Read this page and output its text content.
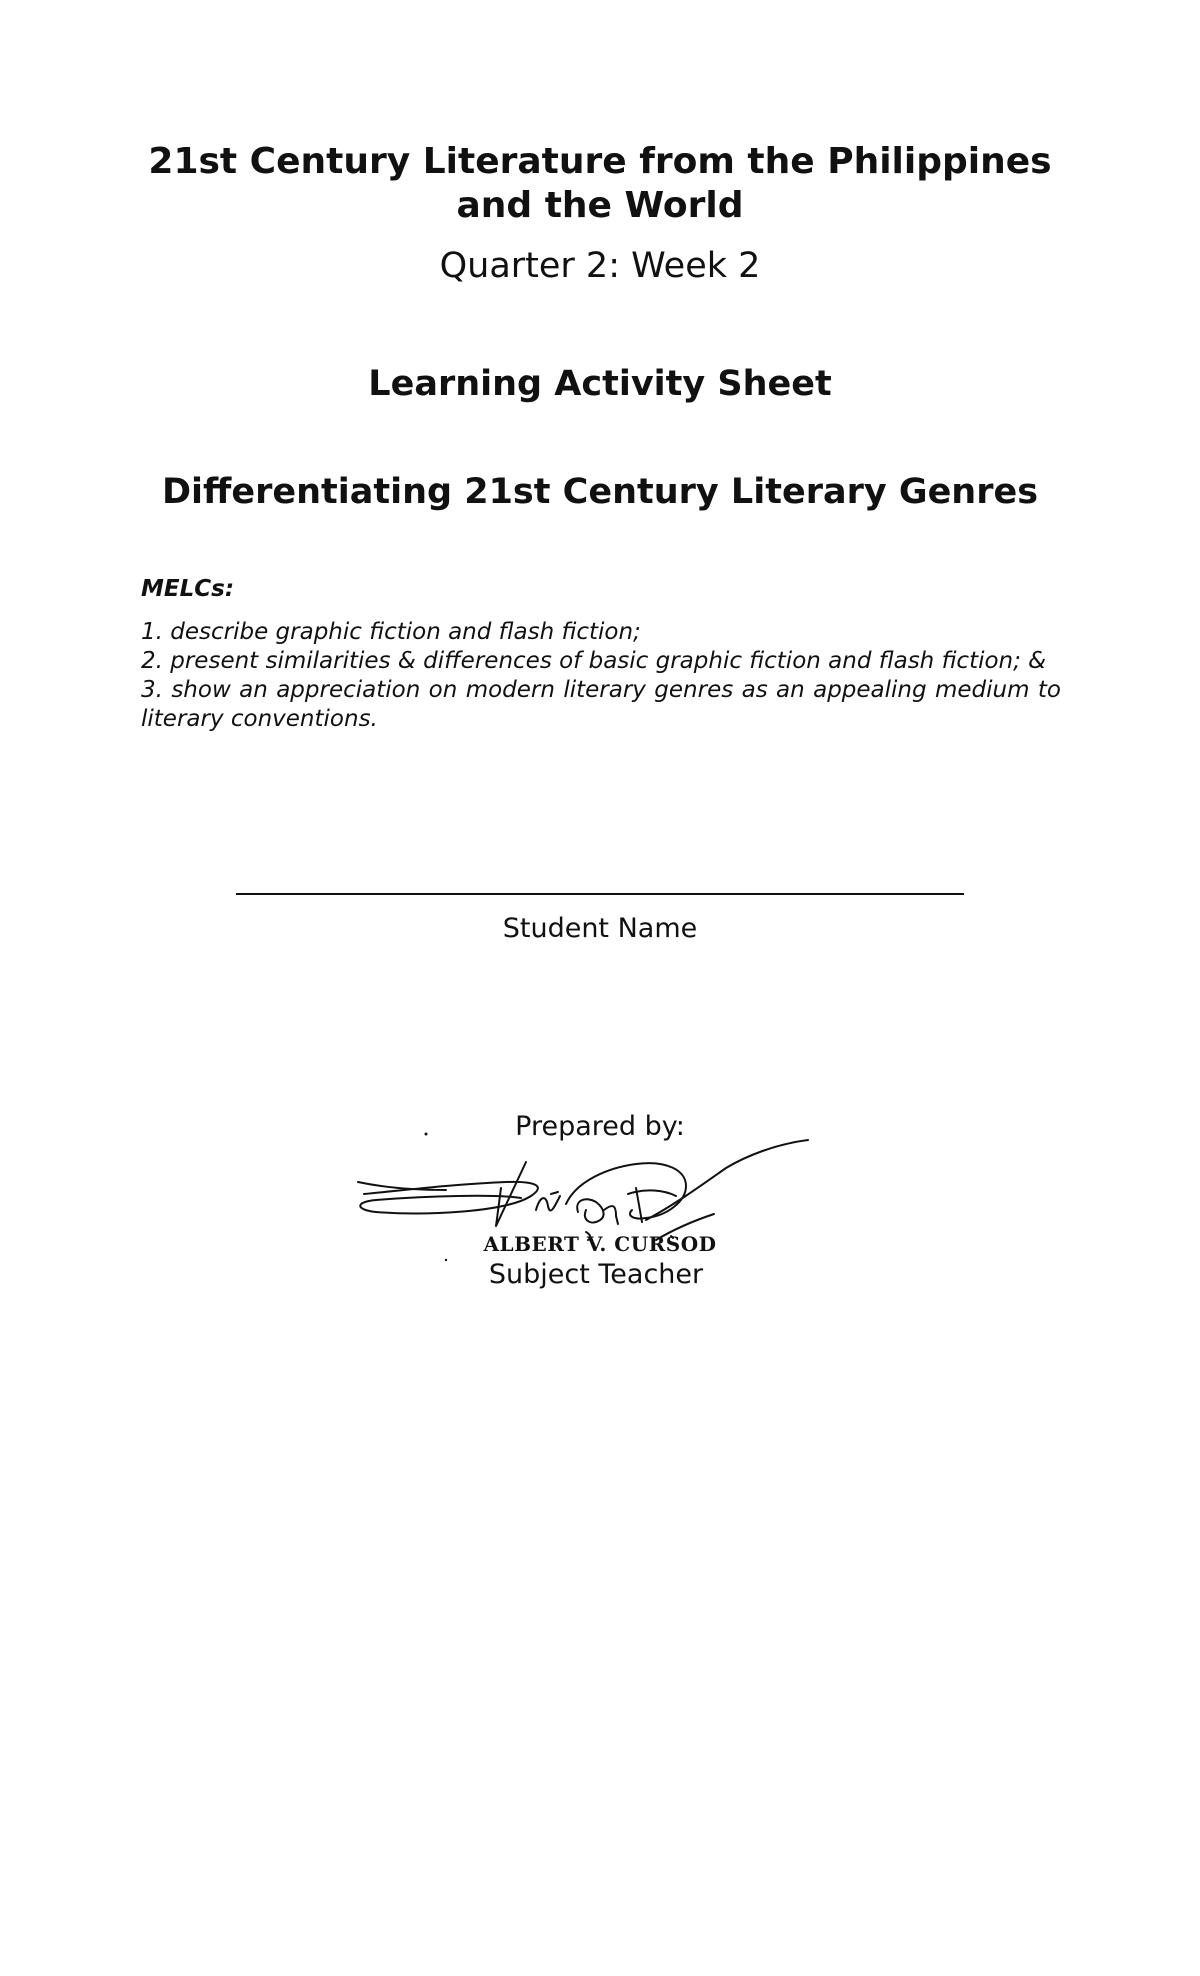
21st Century Literature from the Philippines

and the World

Quarter 2: Week 2

Learning Activity Sheet

Differentiating 21st Century Literary Genres

MELCs:

1. describe graphic fiction and flash fiction;
2. present similarities & differences of basic graphic fiction and flash fiction; &
3. show an appreciation on modern literary genres as an appealing medium to literary conventions.

Student Name

Prepared by:

ALBERT V. CURSOD

Subject Teacher
